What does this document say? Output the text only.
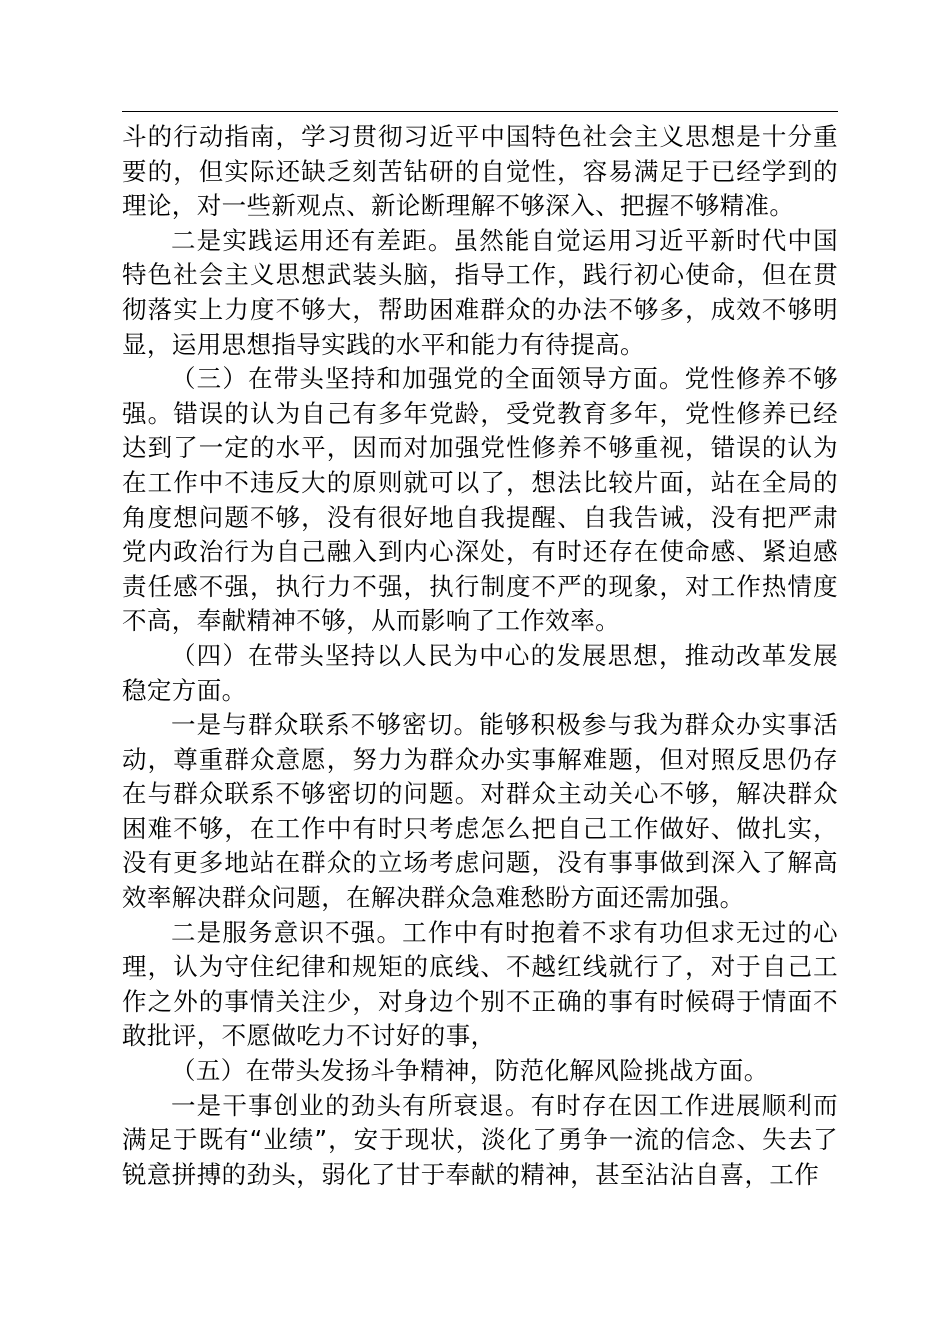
斗的行动指南，学习贯彻习近平中国特色社会主义思想是十分重要的，但实际还缺乏刻苦钻研的自觉性，容易满足于已经学到的理论，对一些新观点、新论断理解不够深入、把握不够精准。

二是实践运用还有差距。虽然能自觉运用习近平新时代中国特色社会主义思想武装头脑，指导工作，践行初心使命，但在贯彻落实上力度不够大，帮助困难群众的办法不够多，成效不够明显，运用思想指导实践的水平和能力有待提高。

（三）在带头坚持和加强党的全面领导方面。党性修养不够强。错误的认为自己有多年党龄，受党教育多年，党性修养已经达到了一定的水平，因而对加强党性修养不够重视，错误的认为在工作中不违反大的原则就可以了，想法比较片面，站在全局的角度想问题不够，没有很好地自我提醒、自我告诫，没有把严肃党内政治行为自己融入到内心深处，有时还存在使命感、紧迫感责任感不强，执行力不强，执行制度不严的现象，对工作热情度不高，奉献精神不够，从而影响了工作效率。

（四）在带头坚持以人民为中心的发展思想，推动改革发展稳定方面。

一是与群众联系不够密切。能够积极参与我为群众办实事活动，尊重群众意愿，努力为群众办实事解难题，但对照反思仍存在与群众联系不够密切的问题。对群众主动关心不够，解决群众困难不够，在工作中有时只考虑怎么把自己工作做好、做扎实，没有更多地站在群众的立场考虑问题，没有事事做到深入了解高效率解决群众问题，在解决群众急难愁盼方面还需加强。

二是服务意识不强。工作中有时抱着不求有功但求无过的心理，认为守住纪律和规矩的底线、不越红线就行了，对于自己工作之外的事情关注少，对身边个别不正确的事有时候碍于情面不敢批评，不愿做吃力不讨好的事，

（五）在带头发扬斗争精神，防范化解风险挑战方面。

一是干事创业的劲头有所衰退。有时存在因工作进展顺利而满足于既有“业绩”，安于现状，淡化了勇争一流的信念、失去了锐意拼搏的劲头，弱化了甘于奉献的精神，甚至沾沾自喜，工作
